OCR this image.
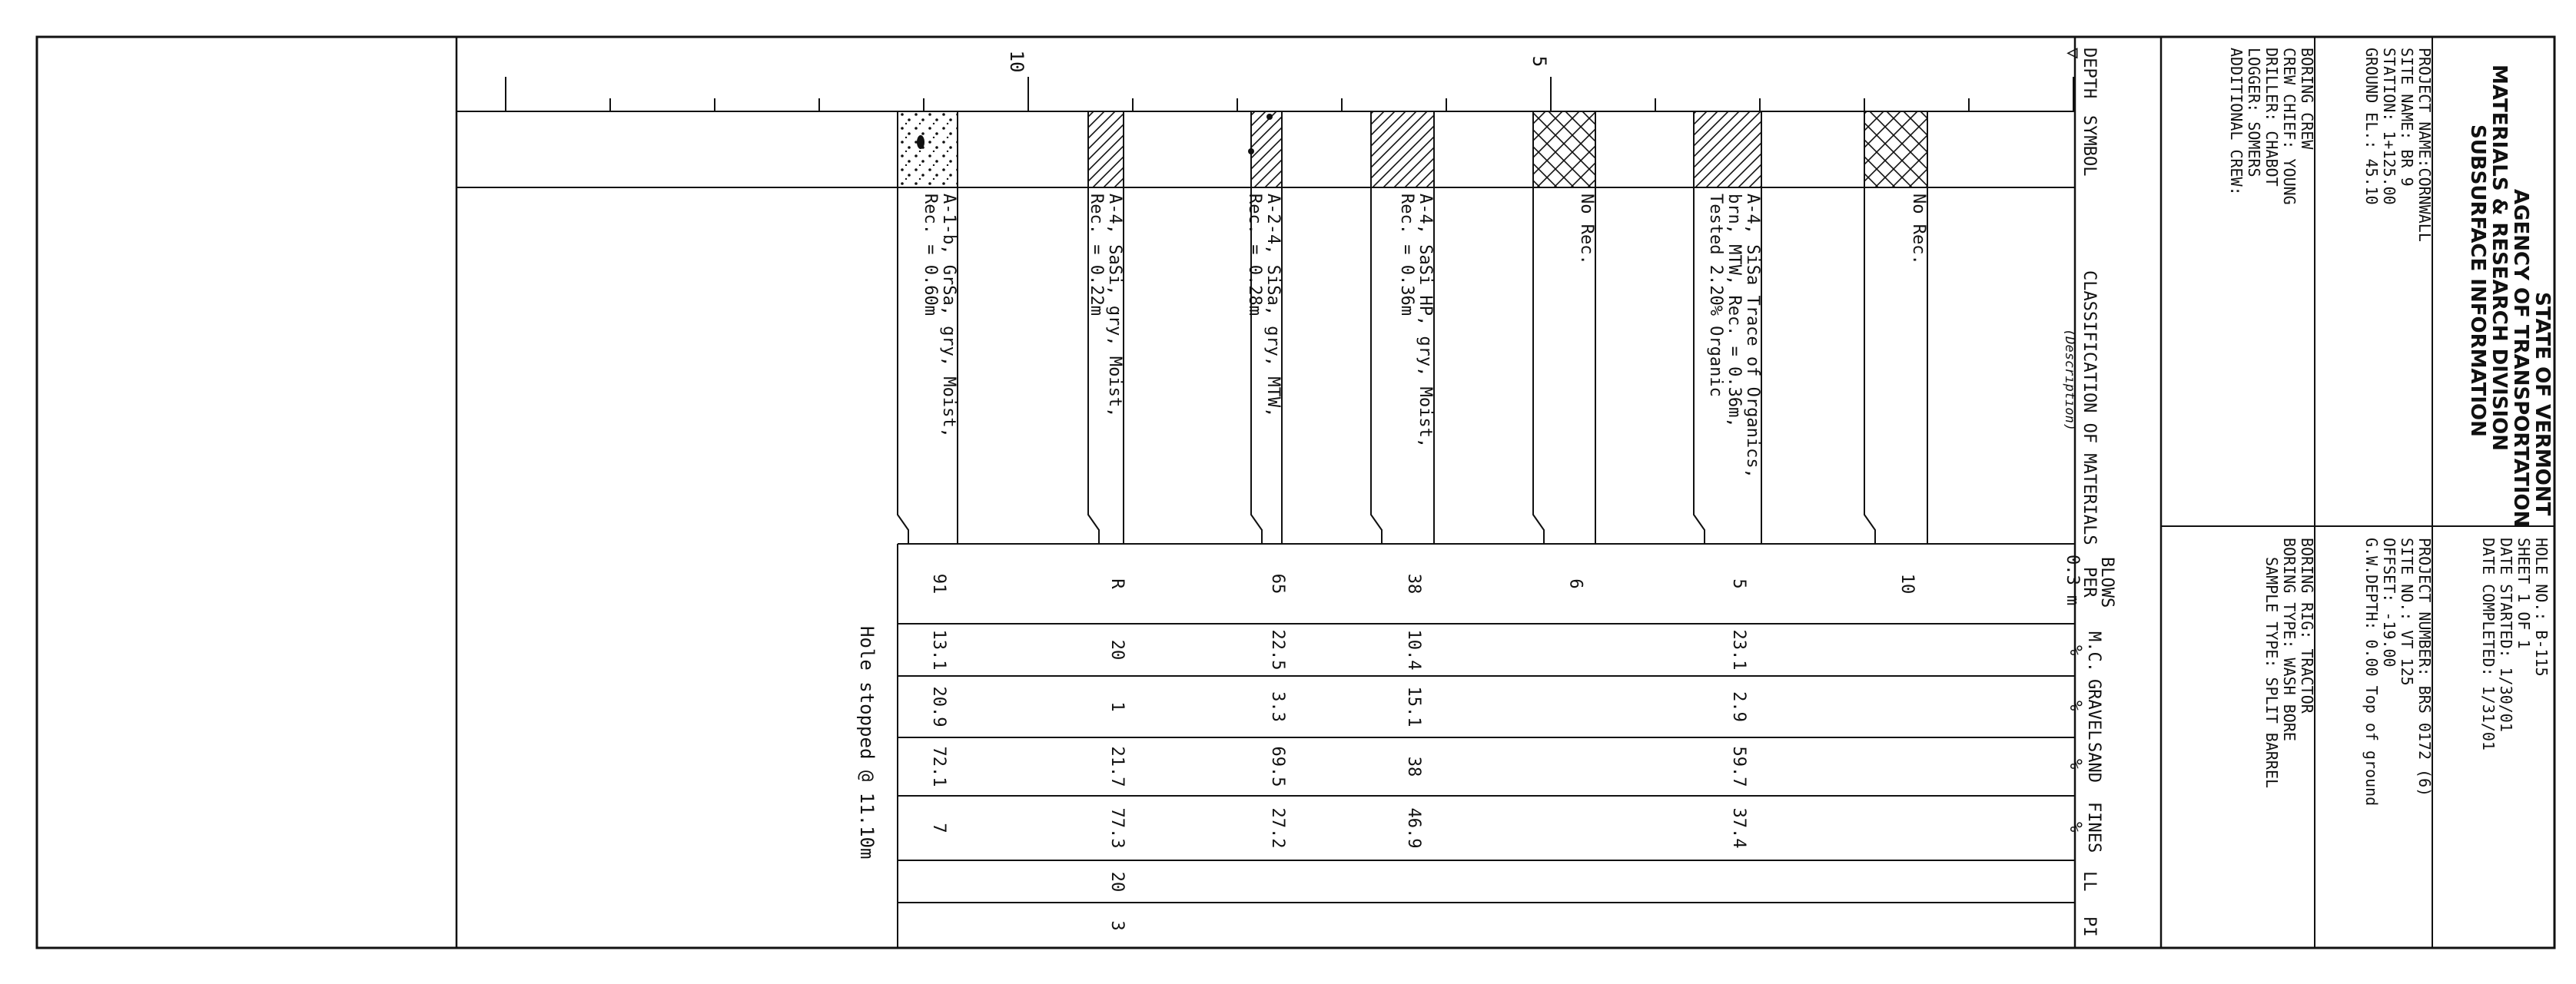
5
10	DEPTH
▽
SYMBOL
CLASSIFICATION OF MATERIALS
(Description)
BLOWS
PER
0.3 m
M.C.
%
GRAVEL
%
SAND
%
FINES
%
LL
PI
STATE OF VERMONT
AGENCY OF TRANSPORTATION
MATERIALS & RESEARCH DIVISION
SUBSURFACE INFORMATION
PROJECT NAME:CORNWALL
SITE NAME: BR 9
STATION: 1+125.00
GROUND EL.: 45.10
HOLE NO.: B-115
SHEET 1 OF 1
DATE STARTED: 1/30/01
DATE COMPLETED: 1/31/01
PROJECT NUMBER: BRS 0172 (6)
SITE NO.: VT 125
OFFSET: -19.00
G.W.DEPTH: 0.00 Top of ground
BORING CREW
CREW CHIEF: YOUNG
DRILLER: CHABOT
LOGGER: SOMERS
ADDITIONAL CREW:
BORING RIG: TRACTOR
BORING TYPE: WASH BORE
SAMPLE TYPE: SPLIT BARREL
No Rec.
10
A-4, SiSa Trace of Organics,
brn, MTW, Rec. = 0.36m,
Tested 2.20% Organic
5
23.1
2.9
59.7
37.4
No Rec.
6
A-4, SaSi HP, gry, Moist,
Rec. = 0.36m
38
10.4
15.1
38
46.9
A-2-4, SiSa, gry, MTW,
Rec. = 0.28m
65
22.5
3.3
69.5
27.2
A-4, SaSi, gry, Moist,
Rec. = 0.22m
R
20
1
21.7
77.3
20
3
A-1-b, GrSa, gry, Moist,
Rec. = 0.60m
91
13.1
20.9
72.1
7
Hole stopped @ 11.10m
